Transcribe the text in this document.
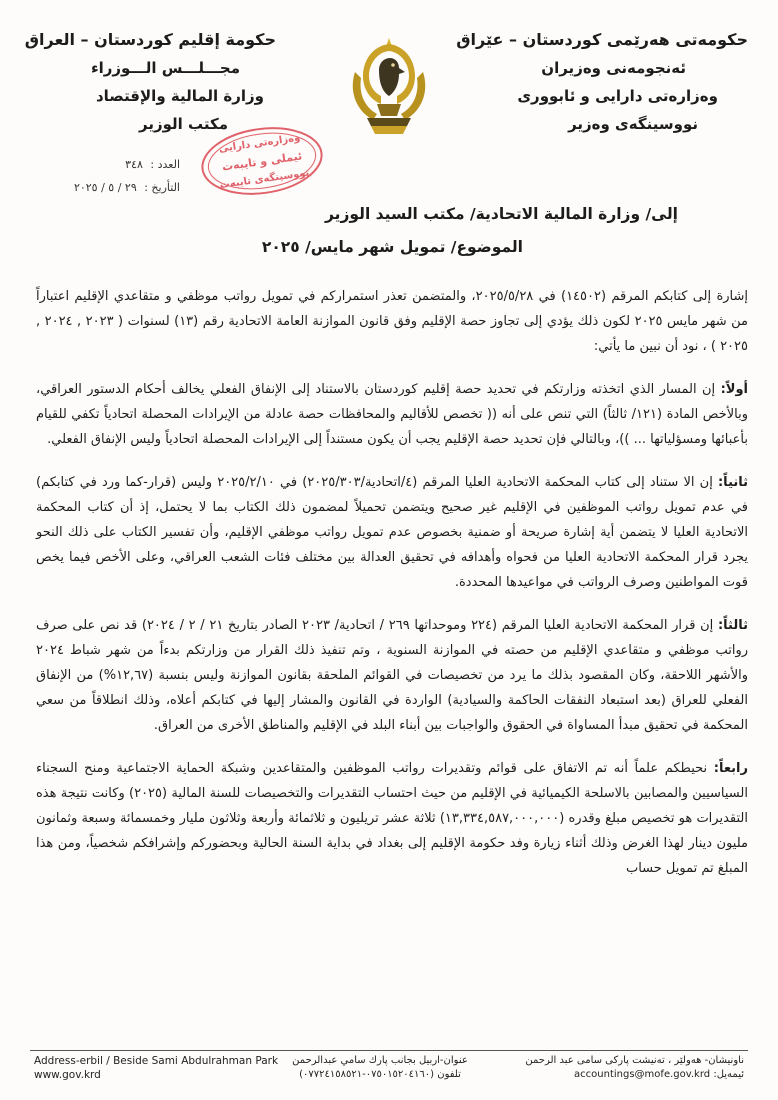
حکومەتی هەرێمی کوردستان – عێراق
ئەنجومەنی وەزیران
وەزارەتی دارایی و ئابووری
نووسینگەی وەزیر
حكومة إقليم كوردستان – العراق
مجـــلـــس الـــوزراء
وزارة المالية والإقتصاد
مكتب الوزير
وەزارەتی دارایی
ئیملی و تایبەت
نووسینگەی تایبەت
العدد : ٣٤٨
التأريخ : ٢٩ / ٥ / ٢٠٢٥
إلى/ وزارة المالية الاتحادية/ مكتب السيد الوزير
الموضوع/ تمويل شهر مايس/ ٢٠٢٥

إشارة إلى كتابكم المرقم (١٤٥٠٢) في ٢٠٢٥/٥/٢٨، والمتضمن تعذر استمراركم في تمويل رواتب موظفي و متقاعدي الإقليم اعتباراً من شهر مايس ٢٠٢٥ لكون ذلك يؤدي إلى تجاوز حصة الإقليم وفق قانون الموازنة العامة الاتحادية رقم (١٣) لسنوات ( ٢٠٢٣ , ٢٠٢٤ , ٢٠٢٥ ) ، نود أن نبين ما يأتي:

أولاً: إن المسار الذي اتخذته وزارتكم في تحديد حصة إقليم كوردستان بالاستناد إلى الإنفاق الفعلي يخالف أحكام الدستور العراقي، وبالأخص المادة (١٢١/ ثالثاً) التي تنص على أنه (( تخصص للأقاليم والمحافظات حصة عادلة من الإيرادات المحصلة اتحادياً تكفي للقيام بأعبائها ومسؤلياتها ... ))، وبالتالي فإن تحديد حصة الإقليم يجب أن يكون مستنداً إلى الإيرادات المحصلة اتحادياً وليس الإنفاق الفعلي.

ثانياً: إن الا ستناد إلى كتاب المحكمة الاتحادية العليا المرقم (٤/اتحادية/٢٠٢٥/٣٠٣) في ٢٠٢٥/٢/١٠ وليس (قرار-كما ورد في كتابكم) في عدم تمويل رواتب الموظفين في الإقليم غير صحيح ويتضمن تحميلاً لمضمون ذلك الكتاب بما لا يحتمل، إذ أن كتاب المحكمة الاتحادية العليا لا يتضمن أية إشارة صريحة أو ضمنية بخصوص عدم تمويل رواتب موظفي الإقليم، وأن تفسير الكتاب على ذلك النحو يجرد قرار المحكمة الاتحادية العليا من فحواه وأهدافه في تحقيق العدالة بين مختلف فئات الشعب العراقي، وعلى الأخص فيما يخص قوت المواطنين وصرف الرواتب في مواعيدها المحددة.

ثالثاً: إن قرار المحكمة الاتحادية العليا المرقم (٢٢٤ وموحداتها ٢٦٩ / اتحادية/ ٢٠٢٣ الصادر بتاريخ ٢١ / ٢ / ٢٠٢٤) قد نص على صرف رواتب موظفي و متقاعدي الإقليم من حصته في الموازنة السنوية ، وتم تنفيذ ذلك القرار من وزارتكم بدءاً من شهر شباط ٢٠٢٤ والأشهر اللاحقة، وكان المقصود بذلك ما يرد من تخصيصات في القوائم الملحقة بقانون الموازنة وليس بنسبة (١٢,٦٧%) من الإنفاق الفعلي للعراق (بعد استبعاد النفقات الحاكمة والسيادية) الواردة في القانون والمشار إليها في كتابكم أعلاه، وذلك انطلاقاً من سعي المحكمة في تحقيق مبدأ المساواة في الحقوق والواجبات بين أبناء البلد في الإقليم والمناطق الأخرى من العراق.

رابعاً: نحيطكم علماً أنه تم الاتفاق على قوائم وتقديرات رواتب الموظفين والمتقاعدين وشبكة الحماية الاجتماعية ومنح السجناء السياسيين والمصابين بالاسلحة الكيميائية في الإقليم من حيث احتساب التقديرات والتخصيصات للسنة المالية (٢٠٢٥) وكانت نتيجة هذه التقديرات هو تخصيص مبلغ وقدره (١٣,٣٣٤,٥٨٧,٠٠٠,٠٠٠) ثلاثة عشر تريليون و ثلاثمائة وأربعة وثلاثون مليار وخمسمائة وسبعة وثمانون مليون دينار لهذا الغرض وذلك أثناء زيارة وفد حكومة الإقليم إلى بغداد في بداية السنة الحالية وبحضوركم وإشرافكم شخصياً، ومن هذا المبلغ تم تمويل حساب

Address-erbil / Beside Sami Abdulrahman Park
www.gov.krd
عنوان-اربيل بجانب پارك سامي عبدالرحمن
تلفون (٠٧٥٠١٥٢٠٤١٦٠-٠٧٧٢٤١٥٨٥٢١)
ناونیشان- هەولێر ، تەنیشت پارکی سامی عبد الرحمن
ئیمەیل: accountings@mofe.gov.krd
